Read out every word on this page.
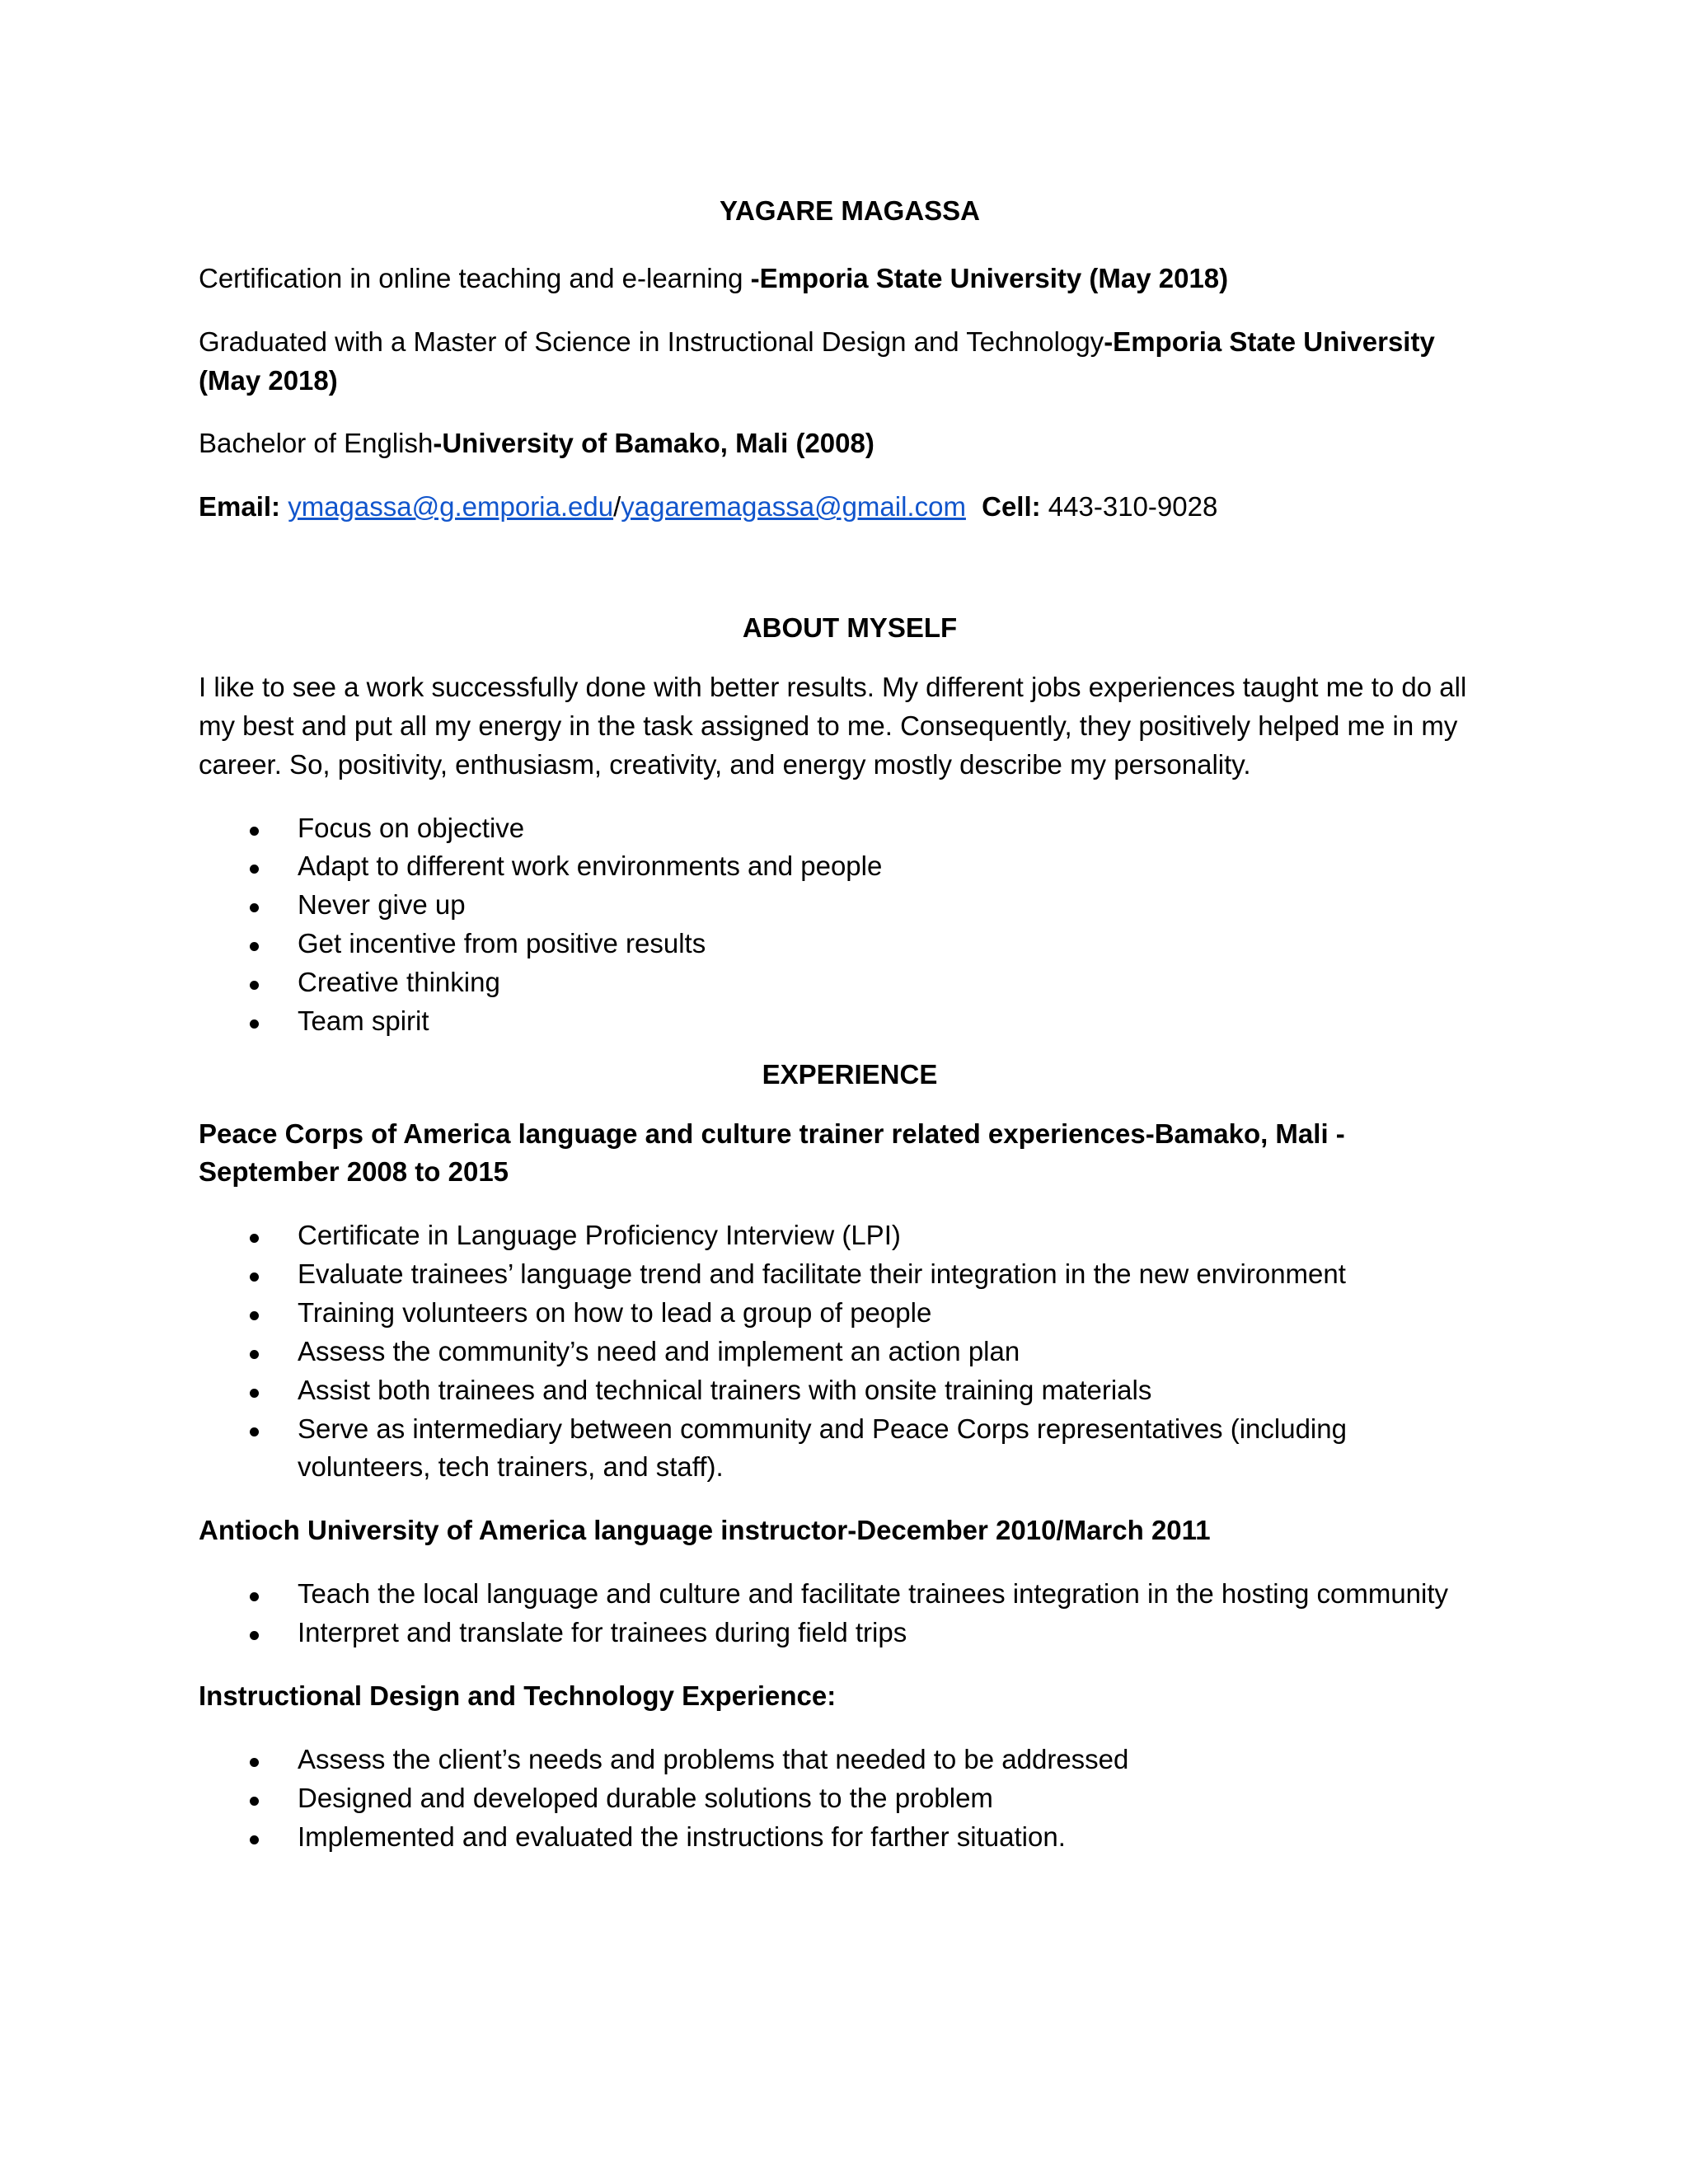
YAGARE MAGASSA

Certification in online teaching and e-learning -Emporia State University (May 2018)

Graduated with a Master of Science in Instructional Design and Technology-Emporia State University (May 2018)

Bachelor of English-University of Bamako, Mali (2008)

Email: ymagassa@g.emporia.edu/yagaremagassa@gmail.com Cell: 443-310-9028

ABOUT MYSELF

I like to see a work successfully done with better results. My different jobs experiences taught me to do all my best and put all my energy in the task assigned to me. Consequently, they positively helped me in my career. So, positivity, enthusiasm, creativity, and energy mostly describe my personality.

Focus on objective
Adapt to different work environments and people
Never give up
Get incentive from positive results
Creative thinking
Team spirit

EXPERIENCE

Peace Corps of America language and culture trainer related experiences-Bamako, Mali - September 2008 to 2015

Certificate in Language Proficiency Interview (LPI)
Evaluate trainees’ language trend and facilitate their integration in the new environment
Training volunteers on how to lead a group of people
Assess the community’s need and implement an action plan
Assist both trainees and technical trainers with onsite training materials
Serve as intermediary between community and Peace Corps representatives (including volunteers, tech trainers, and staff).

Antioch University of America language instructor-December 2010/March 2011

Teach the local language and culture and facilitate trainees integration in the hosting community
Interpret and translate for trainees during field trips

Instructional Design and Technology Experience:

Assess the client’s needs and problems that needed to be addressed
Designed and developed durable solutions to the problem
Implemented and evaluated the instructions for farther situation.
